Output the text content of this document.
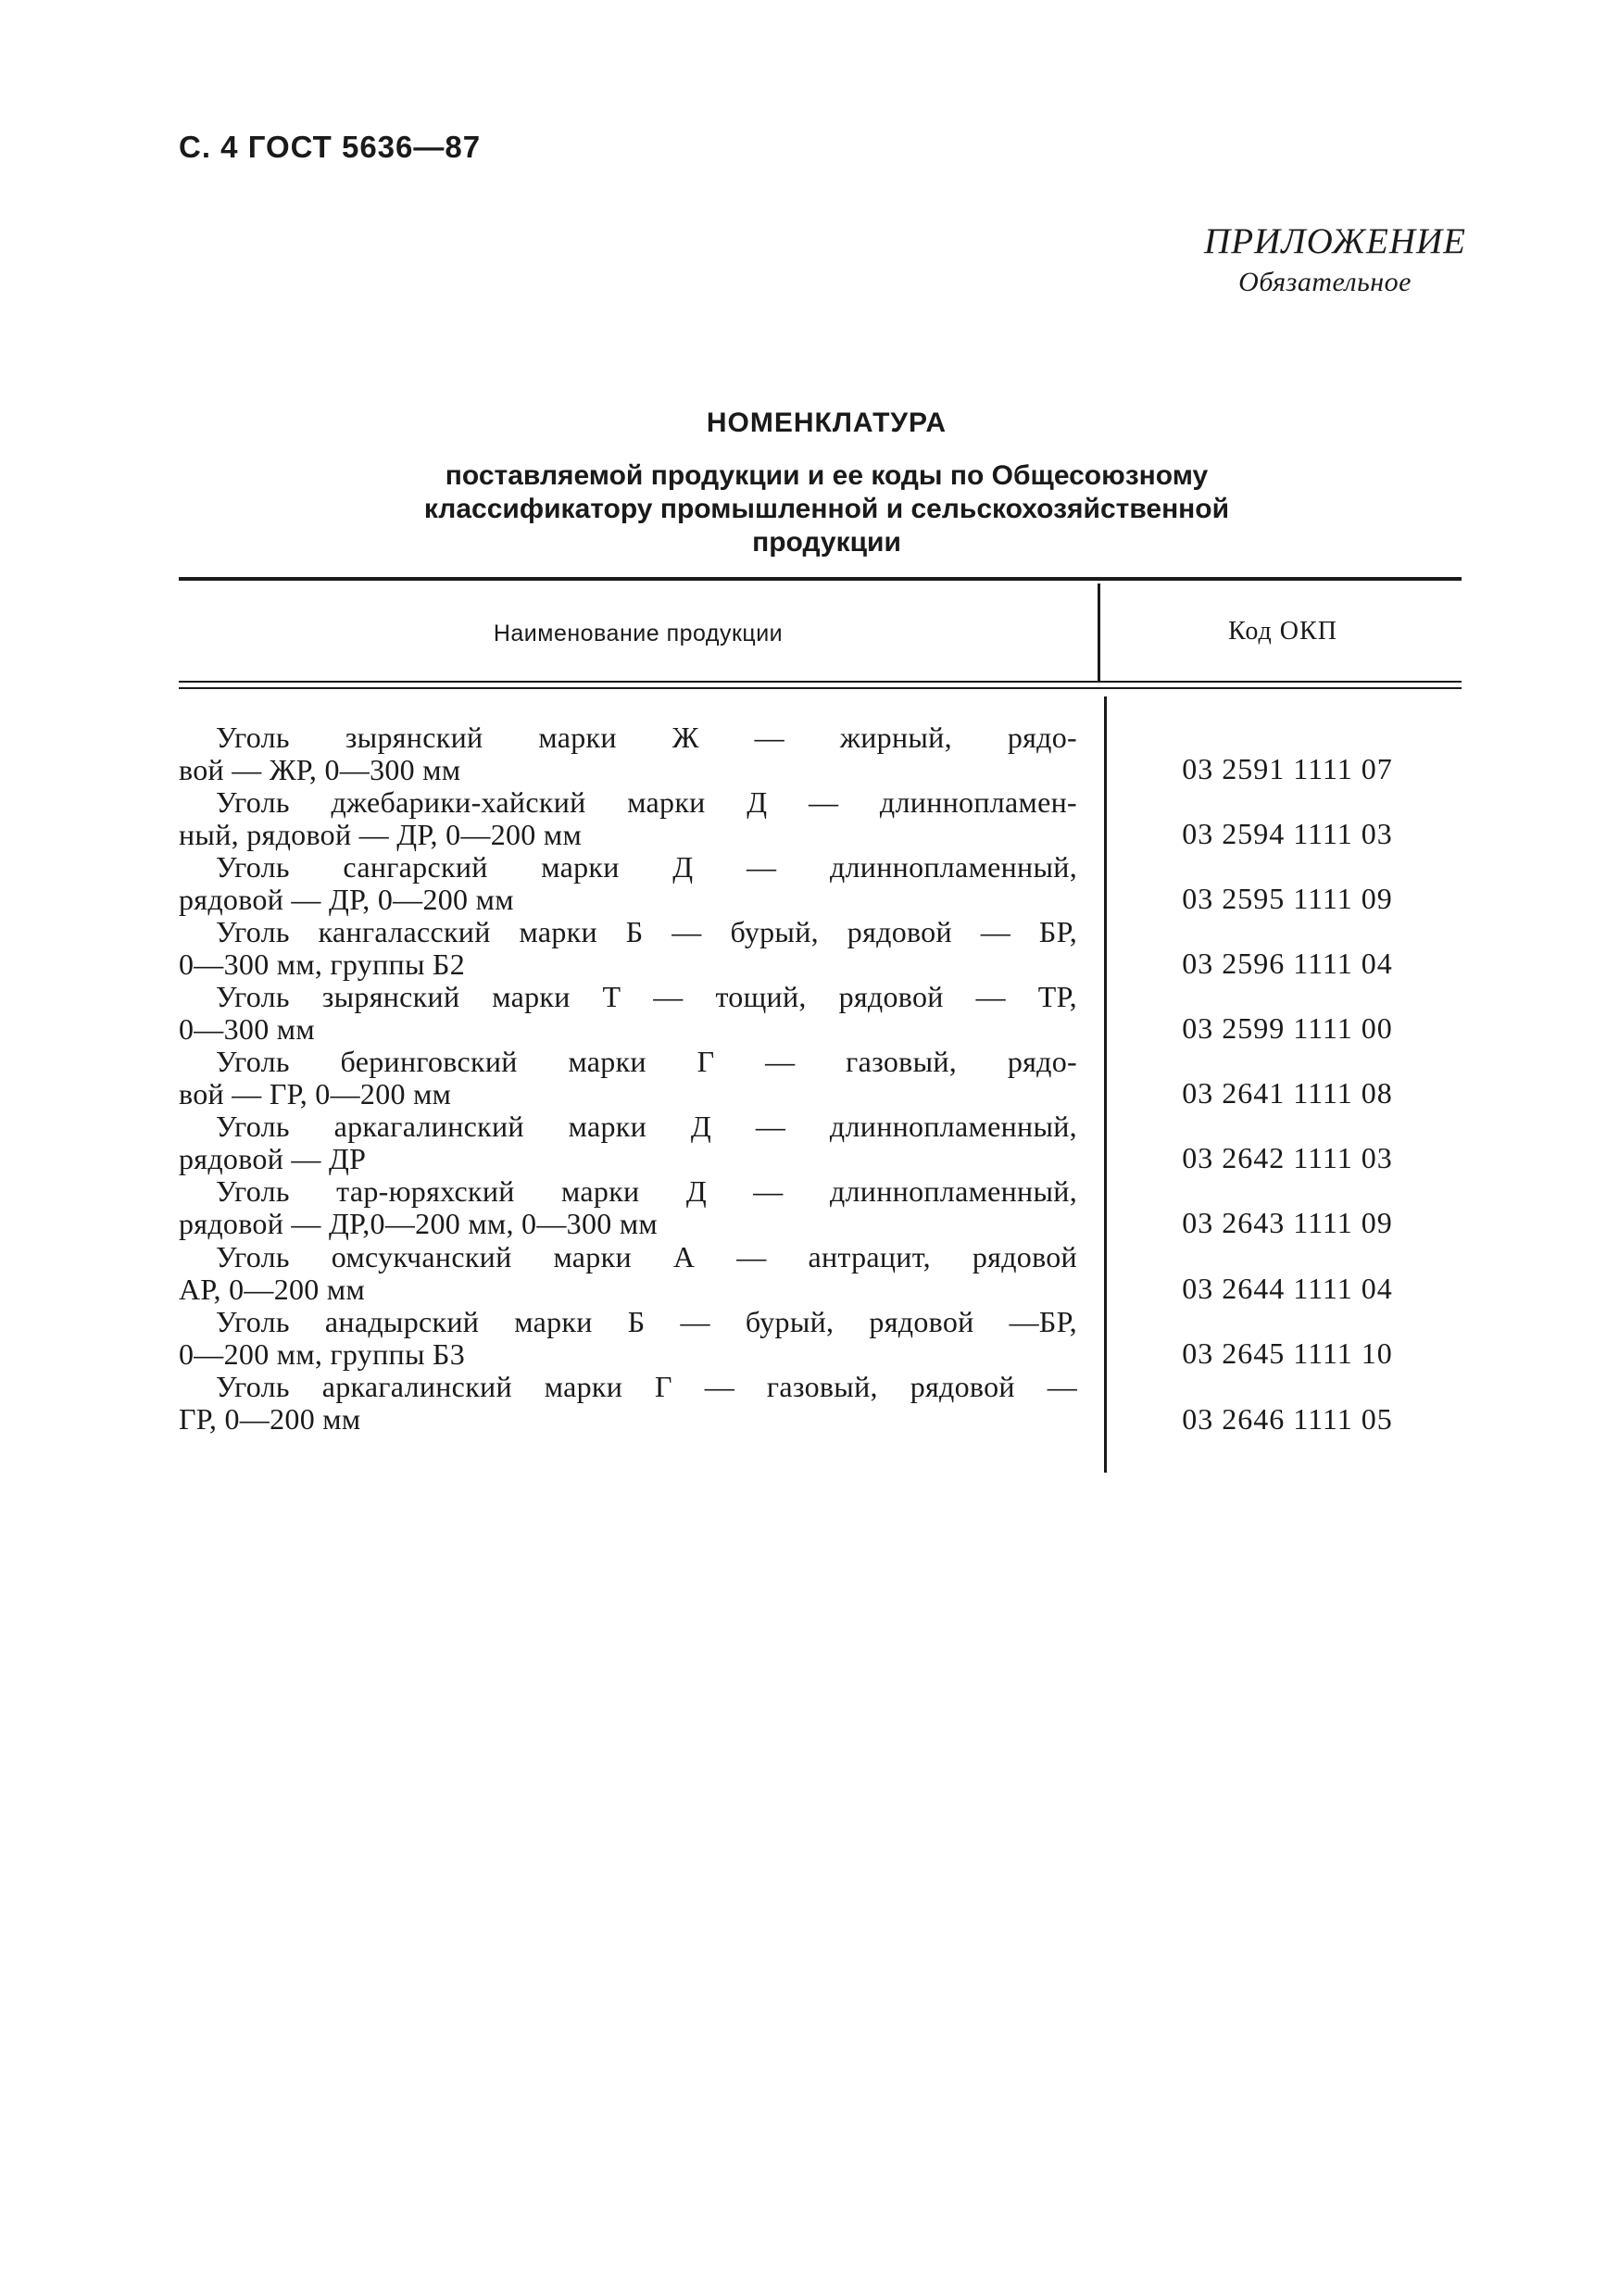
С. 4 ГОСТ 5636—87
ПРИЛОЖЕНИЕ
Обязательное
НОМЕНКЛАТУРА
поставляемой продукции и ее коды по Общесоюзному классификатору промышленной и сельскохозяйственной продукции
Наименование продукции	Код ОКП
Уголь зырянский марки Ж — жирный, рядо-
вой — ЖР, 0—300 мм	03 2591 1111 07
Уголь джебарики-хайский марки Д — длиннопламен-
ный, рядовой — ДР, 0—200 мм	03 2594 1111 03
Уголь сангарский марки Д — длиннопламенный,
рядовой — ДР, 0—200 мм	03 2595 1111 09
Уголь кангаласский марки Б — бурый, рядовой — БР,
0—300 мм, группы Б2	03 2596 1111 04
Уголь зырянский марки Т — тощий, рядовой — ТР,
0—300 мм	03 2599 1111 00
Уголь беринговский марки Г — газовый, рядо-
вой — ГР, 0—200 мм	03 2641 1111 08
Уголь аркагалинский марки Д — длиннопламенный,
рядовой — ДР	03 2642 1111 03
Уголь тар-юряхский марки Д — длиннопламенный,
рядовой — ДР,0—200 мм, 0—300 мм	03 2643 1111 09
Уголь омсукчанский марки А — антрацит, рядовой
АР, 0—200 мм	03 2644 1111 04
Уголь анадырский марки Б — бурый, рядовой —БР,
0—200 мм, группы Б3	03 2645 1111 10
Уголь аркагалинский марки Г — газовый, рядовой —
ГР, 0—200 мм	03 2646 1111 05
